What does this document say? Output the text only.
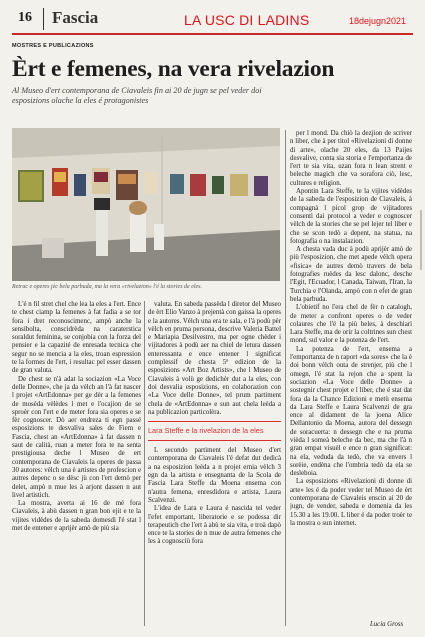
16 Fascia	LA USC DI LADINS	18dejugn2021
MOSTRES E PUBLICAZIONS
Èrt e femenes, na vera rivelazion
Al Museo d'ert contemporana de Ciavaleis fin ai 20 de jugn se pel veder doi esposizions olache la eles é protagonistes
Retrac e operes jèc bela parbuda, ma la vera «rivelazion» l'é la stories de eles.

L'é n fil stret chel che lea la eles a l'ert. Ence te chest ciamp la femenes à fat fadia a se tor fora i dret reconoscimenc, ampò anche la sensibolta, conscidrèda na caraterstica soraldut feminina, se conjobia con la forza del pensier e la capazité de enresada tecnica che segur no se mencia a la eles, troan espression te la formes de l'ert, i resultac pel esser dassen de gran valuta.

De chest se n'à adat la sociazion «La Voce delle Donne», che ja da vèlch an l'à fat nascer l projet «ArtEdonna» per ge dèr a la femenes de mosèda vèlèdes l met e l'ocajion de se sproèr con l'ert e de meter fora sia operes e se fèr cognoscer. Dò aer endreza ti egn passé esposizions te desvaliva sales de Fiem e Fascia, chest an «ArtEdonna» à fat dassen n saut de calità, ruan a meter fora te na senta prestigiousa deche l Museo de ert contemporana de Ciavaleis la operes de passa 30 autores: vèlch una è artistes de profescion e autres depenc o se dèsc jù con l'ert demò per delet, ampò n mue les à arjont dassen n aut livel artistich.

La mostra, averta ai 16 de mé fora Ciavaleis, à abù dassen n gran bon ejit e te la vijites vidèdes de la sabeda domesdì l'é stat l met de entener e aprijèr amò de più sia

valuta. En sabeda passèda l diretor del Museo de èrt Elio Vanzo à prejentà con gaissa la operes e la autores. Vèlch una era te sala, e l'à podù pèr vèlch en pruma persona, descrive Valeria Battel e Mariapia Desilvestro, ma per ogne chèder i vijitadores à podù aer na chiel de letura dassen enteressanta e ence entener l significat complessif de chesta 5ª edizion de la esposizions «Art Boz Artists», che l Museo de Ciavaleis à volù ge dedichèr dut a la eles, con doi desvalia esposizions, en colaborazion con «La Voce delle Donne», tel prum partiment chela de «ArtEdonna» e sun aut chela leèda a na publicazion particolèra.

Lara Steffe e la rivelazion de la eles

L secondo partiment del Museo d'ert contemporana de Ciavaleis l'é defat dut dedicà a na esposizion leèda a n projet ernia vèlch 3 egn da la artista e ensegnanta de la Scola de Fascia Lara Steffe da Moena ensema con n'autra femena, enresdidora e artista, Laura Scalvenzi.

L'idea de Lara e Laura é nascida tel veder l'efet emportant, liberatorie e se podessa dir terapeutich che l'ert à abù te sia vita, e troà dapò ence te la stories de n mue de autra femenes che les à cognosciù fora

per l mond. Da chiò la dezjion de scriver n liber, che à per titol «Rivelazioni di donne di arte», olache 20 eles, da 13 Paijes desvalive, conta sia storia e l'emportanza de l'ert te sia vita, uzan fora n lean strent e beleche magich che va sorafora ciò, lesc, cultures e religion.

Apontin Lara Steffe, te la vijites vidèdes de la sabeda de l'esposizion de Ciavaleis, à compagnà l picol grop de vijitadores consentì dai protocol a veder e cognoscer vèlch de la stories che se pel lejer tel liber e che se scon tedò a depent, na statua, na fotografia o na instalazion.

A chesta vada duc à podù aprijèr amò de più l'esposizion, che met apede vèlch opera «fisica» de autres demò travers de bela fotografies ruèdes da lesc dalonc, desche l'Egit, l'Ecuador, l Canada, Taiwan, l'Iran, la Turchia e l'Olanda, ampò con n efet de gran bela parbuda.

L'obietif no l'era chel de fèr n catalogh, de meter a confront operes o de veder colaures che l'é la più beles, à deschiarì Lara Steffe, ma de orir la coltrines sun chest mond, sul valor e la potenza de l'ert.

La potenza de l'ert, ensema a l'emportanza de n raport «da sores» che la è doi bonn vèlch outa de strenjer, più che l omegn, l'é stat la rejon che a spent la sociazion «La Voce delle Donne» a sostegnir chest projet e l liber, che é stat dat fora da la Chance Edizioni e metù ensema da Lara Steffe e Laura Scalvenzi de gra ence al didament de la joena Alice Dellantonio da Moena, autora del dessegn de soracuerta: n dessegn che e na pruma vièda l someà beleche da bec, ma che l'à n gran empat visuèl e ence n gran significat: na ela, veduda da tedò, che va envers l sorèie, endèna che l'ombria tedò da ela se desleboia.

La esposizions «Rivelazioni di donne di arte» les é da poder veder tel Museo de èrt contemporana de Ciavaleis enscin ai 20 de jugn, de vender, sabeda e domenia da les 15.30 a les 19.00. L liber é da poder troèr te la mostra o sun internet.

Lucia Gross
